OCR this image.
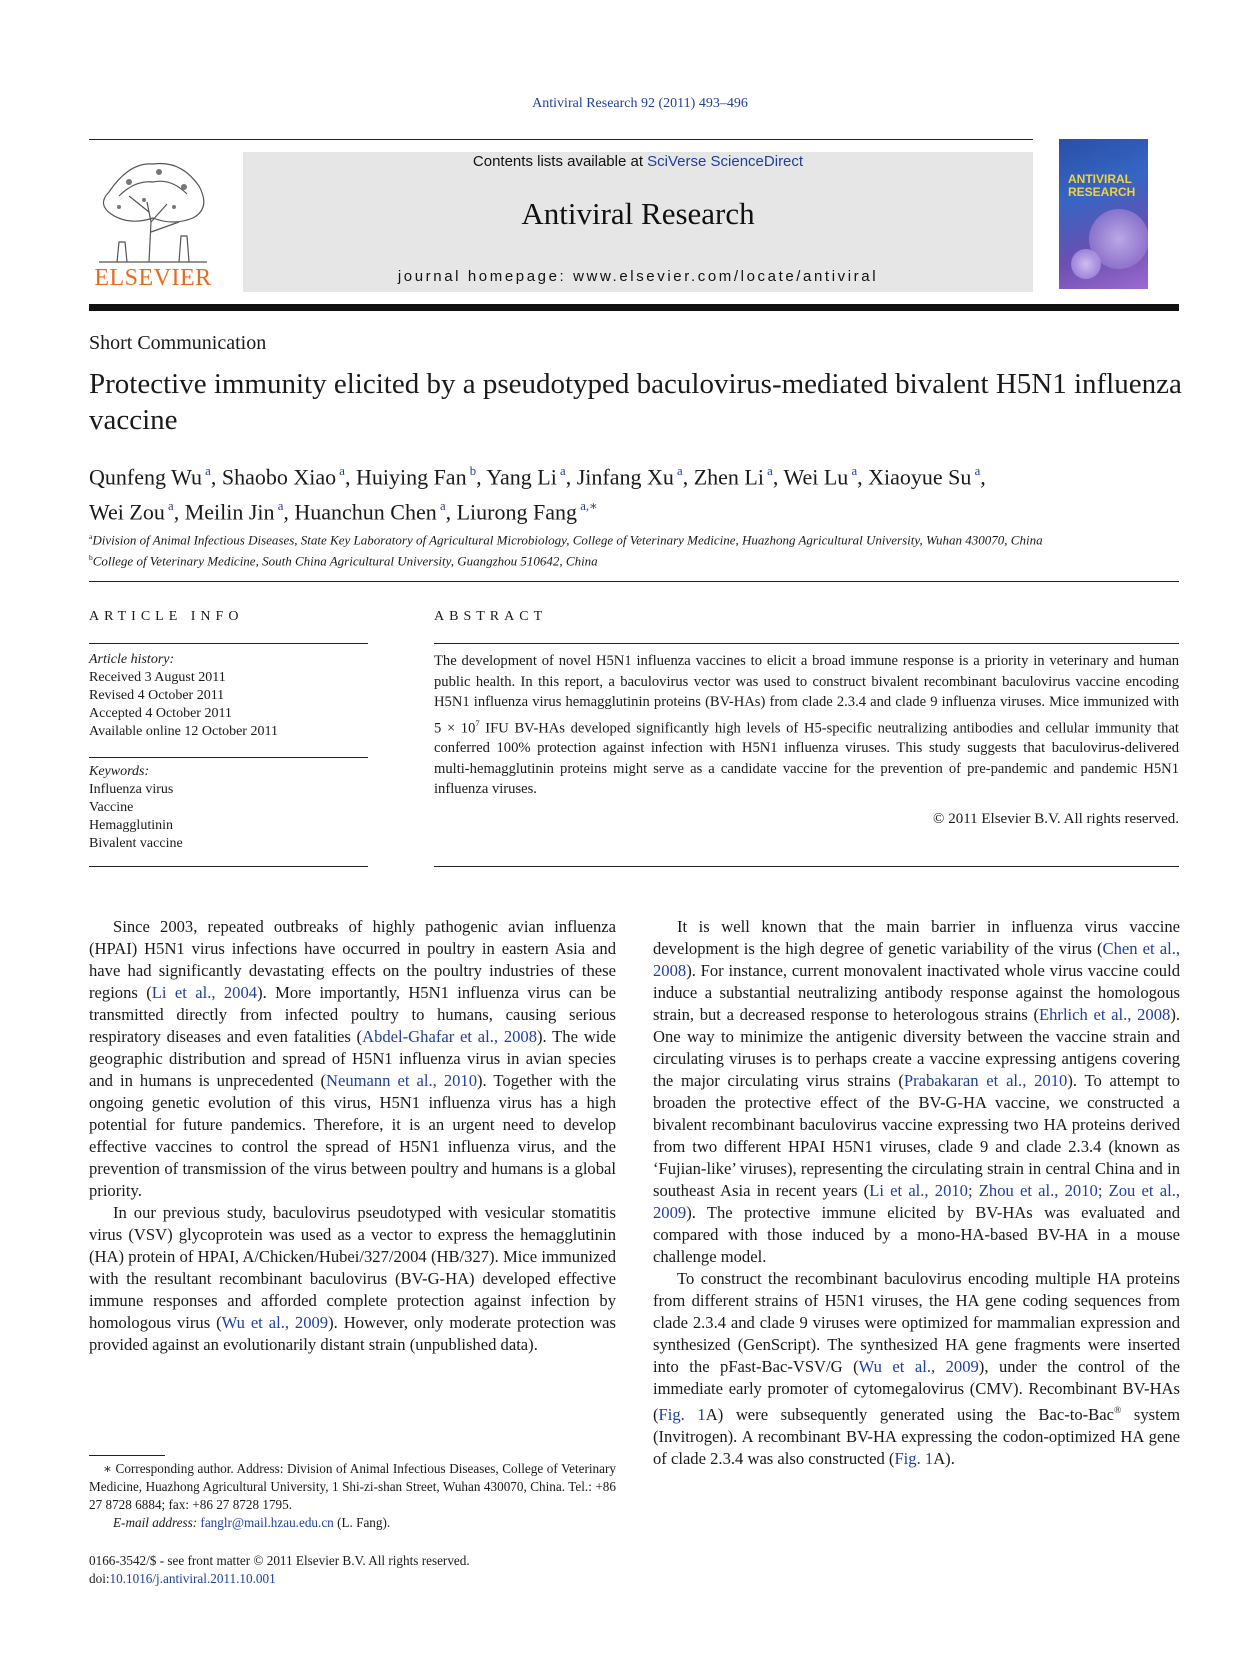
Antiviral Research 92 (2011) 493–496
ELSEVIER
Contents lists available at SciVerse ScienceDirect
Antiviral Research
journal homepage: www.elsevier.com/locate/antiviral
ANTIVIRAL RESEARCH
Short Communication
Protective immunity elicited by a pseudotyped baculovirus-mediated bivalent H5N1 influenza vaccine
Qunfeng Wu $^a$, Shaobo Xiao $^a$, Huiying Fan $^b$, Yang Li $^a$, Jinfang Xu $^a$, Zhen Li $^a$, Wei Lu $^a$, Xiaoyue Su $^a$,
Wei Zou $^a$, Meilin Jin $^a$, Huanchun Chen $^a$, Liurong Fang $^{a,∗}$
$^a$Division of Animal Infectious Diseases, State Key Laboratory of Agricultural Microbiology, College of Veterinary Medicine, Huazhong Agricultural University, Wuhan 430070, China
$^b$College of Veterinary Medicine, South China Agricultural University, Guangzhou 510642, China
ARTICLE INFO
Article history:
Received 3 August 2011
Revised 4 October 2011
Accepted 4 October 2011
Available online 12 October 2011
Keywords:
Influenza virus
Vaccine
Hemagglutinin
Bivalent vaccine
ABSTRACT
The development of novel H5N1 influenza vaccines to elicit a broad immune response is a priority in veterinary and human public health. In this report, a baculovirus vector was used to construct bivalent recombinant baculovirus vaccine encoding H5N1 influenza virus hemagglutinin proteins (BV-HAs) from clade 2.3.4 and clade 9 influenza viruses. Mice immunized with $5 \times 10^7$ IFU BV-HAs developed significantly high levels of H5-specific neutralizing antibodies and cellular immunity that conferred 100% protection against infection with H5N1 influenza viruses. This study suggests that baculovirus-delivered multi-hemagglutinin proteins might serve as a candidate vaccine for the prevention of pre-pandemic and pandemic H5N1 influenza viruses.
© 2011 Elsevier B.V. All rights reserved.

Since 2003, repeated outbreaks of highly pathogenic avian influenza (HPAI) H5N1 virus infections have occurred in poultry in eastern Asia and have had significantly devastating effects on the poultry industries of these regions (Li et al., 2004). More importantly, H5N1 influenza virus can be transmitted directly from infected poultry to humans, causing serious respiratory diseases and even fatalities (Abdel-Ghafar et al., 2008). The wide geographic distribution and spread of H5N1 influenza virus in avian species and in humans is unprecedented (Neumann et al., 2010). Together with the ongoing genetic evolution of this virus, H5N1 influenza virus has a high potential for future pandemics. Therefore, it is an urgent need to develop effective vaccines to control the spread of H5N1 influenza virus, and the prevention of transmission of the virus between poultry and humans is a global priority.

In our previous study, baculovirus pseudotyped with vesicular stomatitis virus (VSV) glycoprotein was used as a vector to express the hemagglutinin (HA) protein of HPAI, A/Chicken/Hubei/327/2004 (HB/327). Mice immunized with the resultant recombinant baculovirus (BV-G-HA) developed effective immune responses and afforded complete protection against infection by homologous virus (Wu et al., 2009). However, only moderate protection was provided against an evolutionarily distant strain (unpublished data).

It is well known that the main barrier in influenza virus vaccine development is the high degree of genetic variability of the virus (Chen et al., 2008). For instance, current monovalent inactivated whole virus vaccine could induce a substantial neutralizing antibody response against the homologous strain, but a decreased response to heterologous strains (Ehrlich et al., 2008). One way to minimize the antigenic diversity between the vaccine strain and circulating viruses is to perhaps create a vaccine expressing antigens covering the major circulating virus strains (Prabakaran et al., 2010). To attempt to broaden the protective effect of the BV-G-HA vaccine, we constructed a bivalent recombinant baculovirus vaccine expressing two HA proteins derived from two different HPAI H5N1 viruses, clade 9 and clade 2.3.4 (known as ‘Fujian-like’ viruses), representing the circulating strain in central China and in southeast Asia in recent years (Li et al., 2010; Zhou et al., 2010; Zou et al., 2009). The protective immune elicited by BV-HAs was evaluated and compared with those induced by a mono-HA-based BV-HA in a mouse challenge model.

To construct the recombinant baculovirus encoding multiple HA proteins from different strains of H5N1 viruses, the HA gene coding sequences from clade 2.3.4 and clade 9 viruses were optimized for mammalian expression and synthesized (GenScript). The synthesized HA gene fragments were inserted into the pFast-Bac-VSV/G (Wu et al., 2009), under the control of the immediate early promoter of cytomegalovirus (CMV). Recombinant BV-HAs (Fig. 1A) were subsequently generated using the Bac-to-Bac® system (Invitrogen). A recombinant BV-HA expressing the codon-optimized HA gene of clade 2.3.4 was also constructed (Fig. 1A).

∗ Corresponding author. Address: Division of Animal Infectious Diseases, College of Veterinary Medicine, Huazhong Agricultural University, 1 Shi-zi-shan Street, Wuhan 430070, China. Tel.: +86 27 8728 6884; fax: +86 27 8728 1795.

E-mail address: fanglr@mail.hzau.edu.cn (L. Fang).

0166-3542/$ - see front matter © 2011 Elsevier B.V. All rights reserved.
doi:10.1016/j.antiviral.2011.10.001
